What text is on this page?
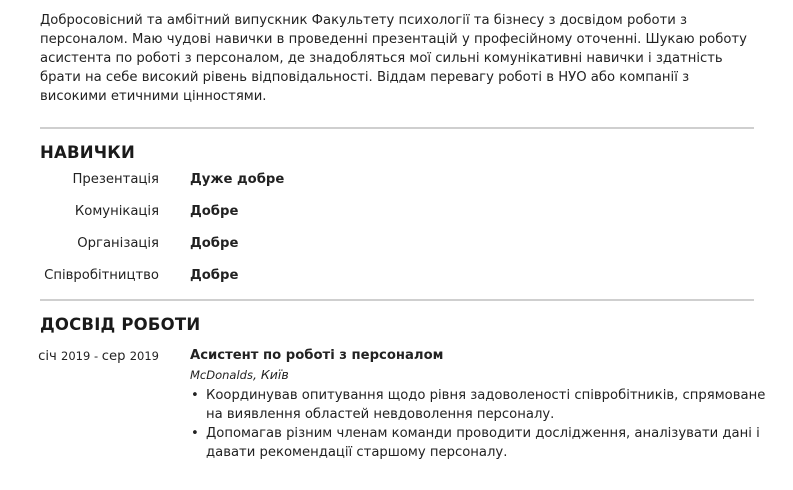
Добросовісний та амбітний випускник Факультету психології та бізнесу з досвідом роботи з персоналом. Маю чудові навички в проведенні презентацій у професійному оточенні. Шукаю роботу асистента по роботі з персоналом, де знадобляться мої сильні комунікативні навички і здатність брати на себе високий рівень відповідальності. Віддам перевагу роботі в НУО або компанії з високими етичними цінностями.

НАВИЧКИ
Презентація Дуже добре
Комунікація Добре
Організація Добре
Співробітництво Добре
ДОСВІД РОБОТИ
січ 2019 - сер 2019 Асистент по роботі з персоналом
McDonalds, Київ
• Координував опитування щодо рівня задоволеності співробітників, спрямоване на виявлення областей невдоволення персоналу.
• Допомагав різним членам команди проводити дослідження, аналізувати дані і давати рекомендації старшому персоналу.
